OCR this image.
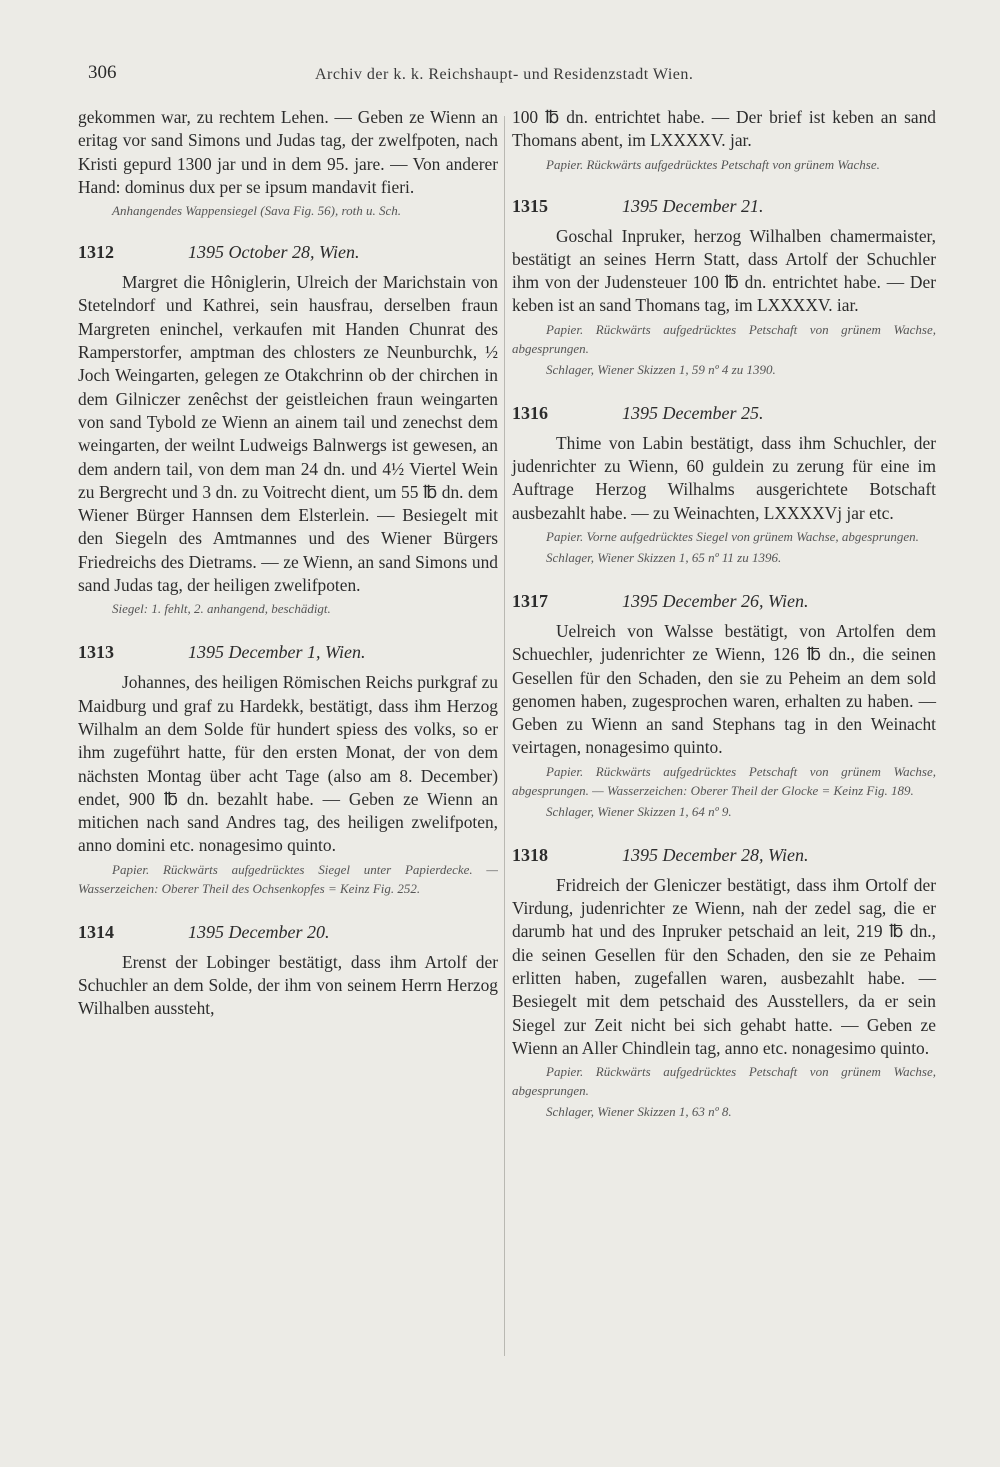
306	Archiv der k. k. Reichshaupt- und Residenzstadt Wien.

gekommen war, zu rechtem Lehen. — Geben ze Wienn an eritag vor sand Simons und Judas tag, der zwelfpoten, nach Kristi gepurd 1300 jar und in dem 95. jare. — Von anderer Hand: dominus dux per se ipsum mandavit fieri.

Anhangendes Wappensiegel (Sava Fig. 56), roth u. Sch.

1312	1395 October 28, Wien.

Margret die Hôniglerin, Ulreich der Marichstain von Stetelndorf und Kathrei, sein hausfrau, derselben fraun Margreten eninchel, verkaufen mit Handen Chunrat des Ramperstorfer, amptman des chlosters ze Neunburchk, ½ Joch Weingarten, gelegen ze Otakchrinn ob der chirchen in dem Gilniczer zenêchst der geistleichen fraun weingarten von sand Tybold ze Wienn an ainem tail und zenechst dem weingarten, der weilnt Ludweigs Balnwergs ist gewesen, an dem andern tail, von dem man 24 dn. und 4½ Viertel Wein zu Bergrecht und 3 dn. zu Voitrecht dient, um 55 ℔ dn. dem Wiener Bürger Hannsen dem Elsterlein. — Besiegelt mit den Siegeln des Amtmannes und des Wiener Bürgers Friedreichs des Dietrams. — ze Wienn, an sand Simons und sand Judas tag, der heiligen zwelifpoten.

Siegel: 1. fehlt, 2. anhangend, beschädigt.

1313	1395 December 1, Wien.

Johannes, des heiligen Römischen Reichs purkgraf zu Maidburg und graf zu Hardekk, bestätigt, dass ihm Herzog Wilhalm an dem Solde für hundert spiess des volks, so er ihm zugeführt hatte, für den ersten Monat, der von dem nächsten Montag über acht Tage (also am 8. December) endet, 900 ℔ dn. bezahlt habe. — Geben ze Wienn an mitichen nach sand Andres tag, des heiligen zwelifpoten, anno domini etc. nonagesimo quinto.

Papier. Rückwärts aufgedrücktes Siegel unter Papierdecke. — Wasserzeichen: Oberer Theil des Ochsenkopfes = Keinz Fig. 252.

1314	1395 December 20.

Erenst der Lobinger bestätigt, dass ihm Artolf der Schuchler an dem Solde, der ihm von seinem Herrn Herzog Wilhalben aussteht,

100 ℔ dn. entrichtet habe. — Der brief ist keben an sand Thomans abent, im LXXXXV. jar.

Papier. Rückwärts aufgedrücktes Petschaft von grünem Wachse.

1315	1395 December 21.

Goschal Inpruker, herzog Wilhalben chamermaister, bestätigt an seines Herrn Statt, dass Artolf der Schuchler ihm von der Judensteuer 100 ℔ dn. entrichtet habe. — Der keben ist an sand Thomans tag, im LXXXXV. iar.

Papier. Rückwärts aufgedrücktes Petschaft von grünem Wachse, abgesprungen.

Schlager, Wiener Skizzen 1, 59 nº 4 zu 1390.

1316	1395 December 25.

Thime von Labin bestätigt, dass ihm Schuchler, der judenrichter zu Wienn, 60 guldein zu zerung für eine im Auftrage Herzog Wilhalms ausgerichtete Botschaft ausbezahlt habe. — zu Weinachten, LXXXXVj jar etc.

Papier. Vorne aufgedrücktes Siegel von grünem Wachse, abgesprungen.

Schlager, Wiener Skizzen 1, 65 nº 11 zu 1396.

1317	1395 December 26, Wien.

Uelreich von Walsse bestätigt, von Artolfen dem Schuechler, judenrichter ze Wienn, 126 ℔ dn., die seinen Gesellen für den Schaden, den sie zu Peheim an dem sold genomen haben, zugesprochen waren, erhalten zu haben. — Geben zu Wienn an sand Stephans tag in den Weinacht veirtagen, nonagesimo quinto.

Papier. Rückwärts aufgedrücktes Petschaft von grünem Wachse, abgesprungen. — Wasserzeichen: Oberer Theil der Glocke = Keinz Fig. 189.

Schlager, Wiener Skizzen 1, 64 nº 9.

1318	1395 December 28, Wien.

Fridreich der Gleniczer bestätigt, dass ihm Ortolf der Virdung, judenrichter ze Wienn, nah der zedel sag, die er darumb hat und des Inpruker petschaid an leit, 219 ℔ dn., die seinen Gesellen für den Schaden, den sie ze Pehaim erlitten haben, zugefallen waren, ausbezahlt habe. — Besiegelt mit dem petschaid des Ausstellers, da er sein Siegel zur Zeit nicht bei sich gehabt hatte. — Geben ze Wienn an Aller Chindlein tag, anno etc. nonagesimo quinto.

Papier. Rückwärts aufgedrücktes Petschaft von grünem Wachse, abgesprungen.

Schlager, Wiener Skizzen 1, 63 nº 8.
